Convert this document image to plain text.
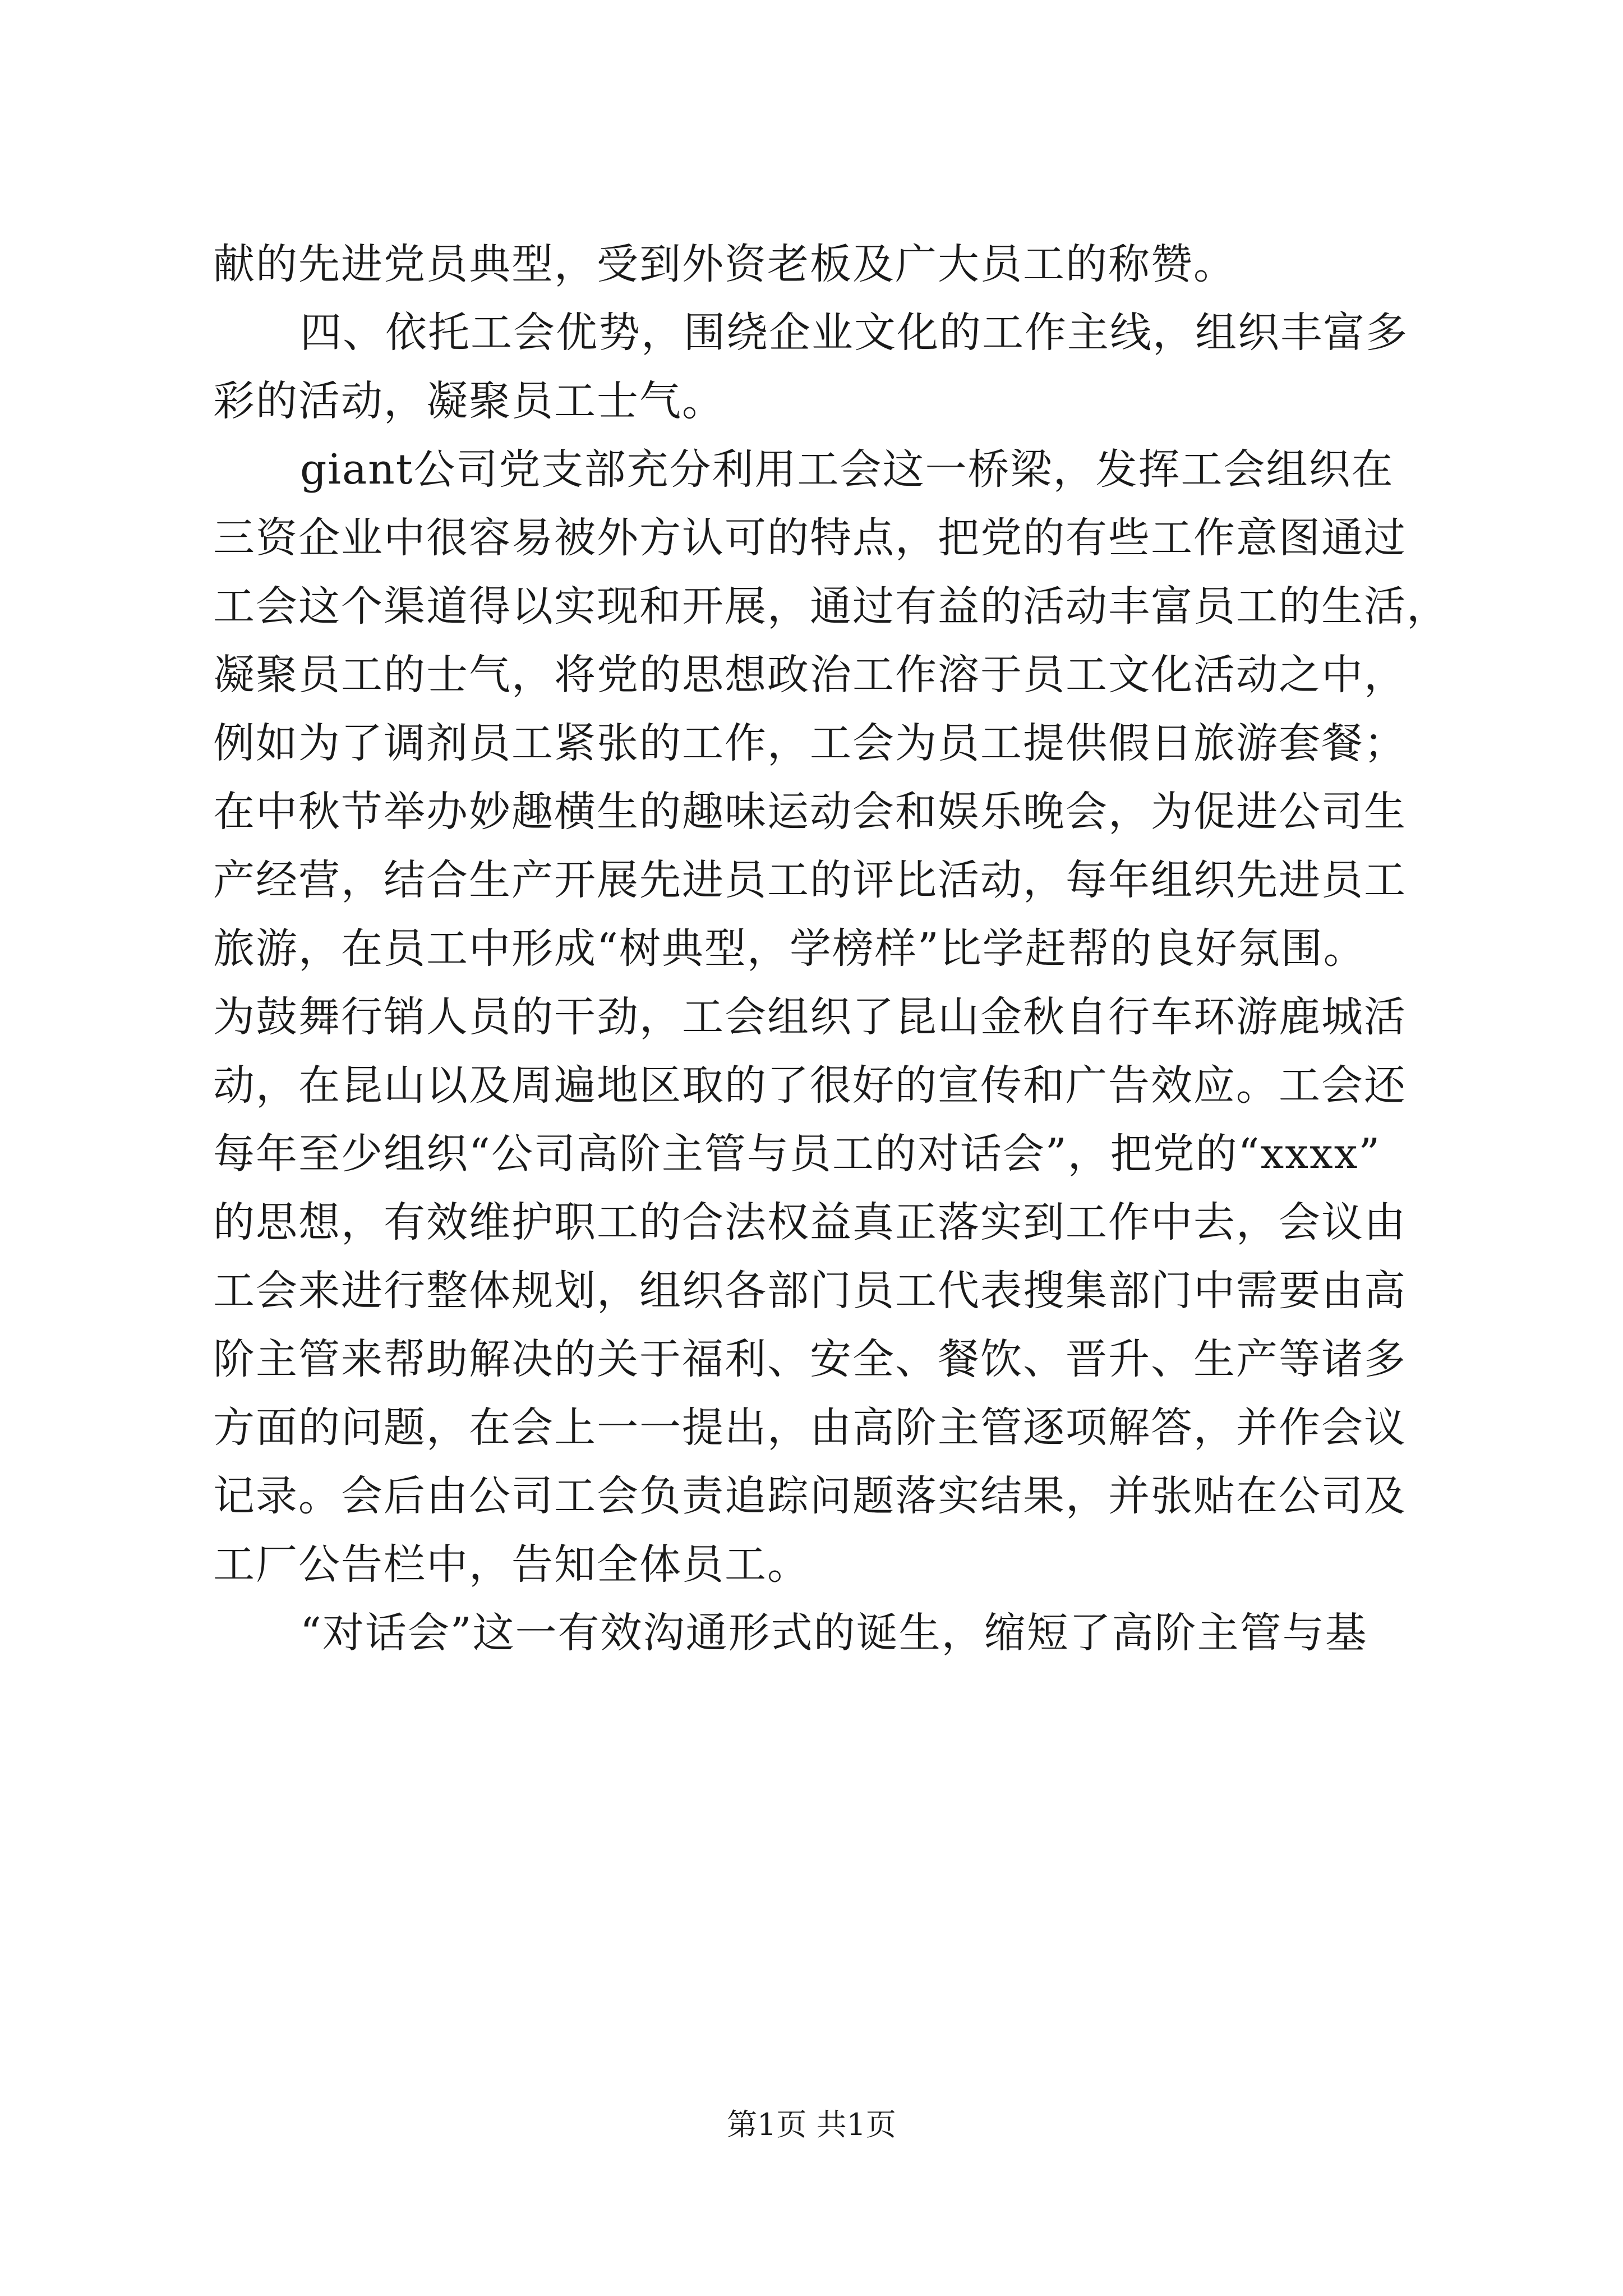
献的先进党员典型，受到外资老板及广大员工的称赞。
四、依托工会优势，围绕企业文化的工作主线，组织丰富多
彩的活动，凝聚员工士气。
giant公司党支部充分利用工会这一桥梁，发挥工会组织在
三资企业中很容易被外方认可的特点，把党的有些工作意图通过
工会这个渠道得以实现和开展，通过有益的活动丰富员工的生活，
凝聚员工的士气，将党的思想政治工作溶于员工文化活动之中，
例如为了调剂员工紧张的工作，工会为员工提供假日旅游套餐；
在中秋节举办妙趣横生的趣味运动会和娱乐晚会，为促进公司生
产经营，结合生产开展先进员工的评比活动，每年组织先进员工
旅游，在员工中形成“树典型，学榜样”比学赶帮的良好氛围。
为鼓舞行销人员的干劲，工会组织了昆山金秋自行车环游鹿城活
动，在昆山以及周遍地区取的了很好的宣传和广告效应。工会还
每年至少组织“公司高阶主管与员工的对话会”，把党的“xxxx”
的思想，有效维护职工的合法权益真正落实到工作中去，会议由
工会来进行整体规划，组织各部门员工代表搜集部门中需要由高
阶主管来帮助解决的关于福利、安全、餐饮、晋升、生产等诸多
方面的问题，在会上一一提出，由高阶主管逐项解答，并作会议
记录。会后由公司工会负责追踪问题落实结果，并张贴在公司及
工厂公告栏中，告知全体员工。
“对话会”这一有效沟通形式的诞生，缩短了高阶主管与基
第1页 共1页
